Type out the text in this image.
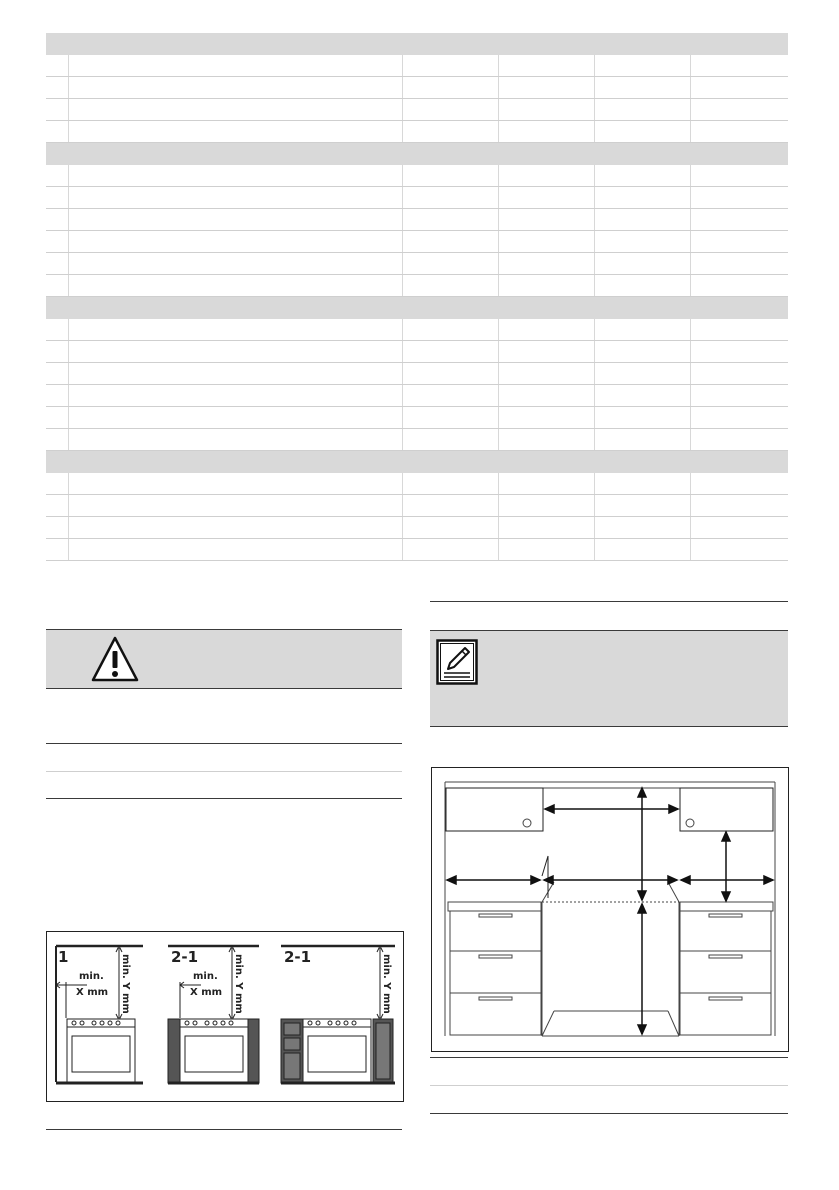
1	min. Y mm
min.
X mm
2-1	min. Y mm
min.
X mm
2-1	min. Y mm
